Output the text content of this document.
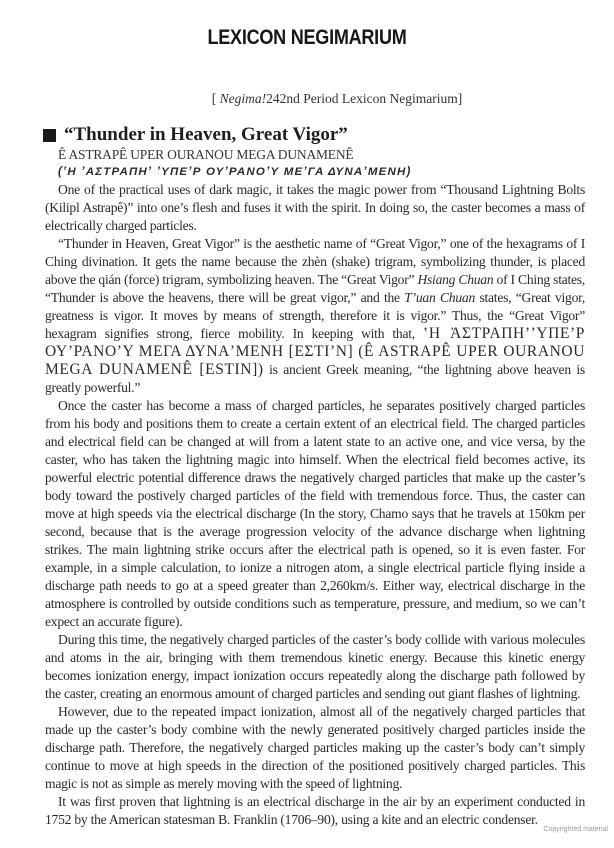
LEXICON NEGIMARIUM
[ Negima!242nd Period Lexicon Negimarium]
“Thunder in Heaven, Great Vigor”
Ê ASTRAPÊ UPER OURANOU MEGA DUNAMENÊ
(ʽΗ ʼΑΣΤΡΑΠΗʼ ʼΥΠΕʼΡ ΟΥʼΡΑΝΟʼΥ ΜΕʼΓΑ ΔΥΝΑʼΜΕΝΗ)

One of the practical uses of dark magic, it takes the magic power from “Thousand Lightning Bolts (Kilipl Astrapê)” into one’s flesh and fuses it with the spirit. In doing so, the caster becomes a mass of electrically charged particles.

“Thunder in Heaven, Great Vigor” is the aesthetic name of “Great Vigor,” one of the hexagrams of I Ching divination. It gets the name because the zhèn (shake) trigram, symbolizing thunder, is placed above the qián (force) trigram, symbolizing heaven. The “Great Vigor” Hsiang Chuan of I Ching states, “Thunder is above the heavens, there will be great vigor,” and the T’uan Chuan states, “Great vigor, greatness is vigor. It moves by means of strength, therefore it is vigor.” Thus, the “Great Vigor” hexagram signifies strong, fierce mobility. In keeping with that, ʽΗ ἈΣΤΡΑΠΗʼʼΥΠΕʼΡ ΟΥʼΡΑΝΟʼΥ ΜΕΓΑ ΔΥΝΑʼΜΕΝΗ [ΕΣΤΙʼΝ] (Ê ASTRAPÊ UPER OURANOU MEGA DUNAMENÊ [ESTIN]) is ancient Greek meaning, “the lightning above heaven is greatly powerful.”

Once the caster has become a mass of charged particles, he separates positively charged particles from his body and positions them to create a certain extent of an electrical field. The charged particles and electrical field can be changed at will from a latent state to an active one, and vice versa, by the caster, who has taken the lightning magic into himself. When the electrical field becomes active, its powerful electric potential difference draws the negatively charged particles that make up the caster’s body toward the postively charged particles of the field with tremendous force. Thus, the caster can move at high speeds via the electrical discharge (In the story, Chamo says that he travels at 150km per second, because that is the average progression velocity of the advance discharge when lightning strikes. The main lightning strike occurs after the electrical path is opened, so it is even faster. For example, in a simple calculation, to ionize a nitrogen atom, a single electrical particle flying inside a discharge path needs to go at a speed greater than 2,260km/s. Either way, electrical discharge in the atmosphere is controlled by outside conditions such as temperature, pressure, and medium, so we can’t expect an accurate figure).

During this time, the negatively charged particles of the caster’s body collide with various molecules and atoms in the air, bringing with them tremendous kinetic energy. Because this kinetic energy becomes ionization energy, impact ionization occurs repeatedly along the discharge path followed by the caster, creating an enormous amount of charged particles and sending out giant flashes of lightning.

However, due to the repeated impact ionization, almost all of the negatively charged particles that made up the caster’s body combine with the newly generated positively charged particles inside the discharge path. Therefore, the negatively charged particles making up the caster’s body can’t simply continue to move at high speeds in the direction of the positioned positively charged particles. This magic is not as simple as merely moving with the speed of lightning.

It was first proven that lightning is an electrical discharge in the air by an experiment conducted in 1752 by the American statesman B. Franklin (1706–90), using a kite and an electric condenser.

Copyrighted material
